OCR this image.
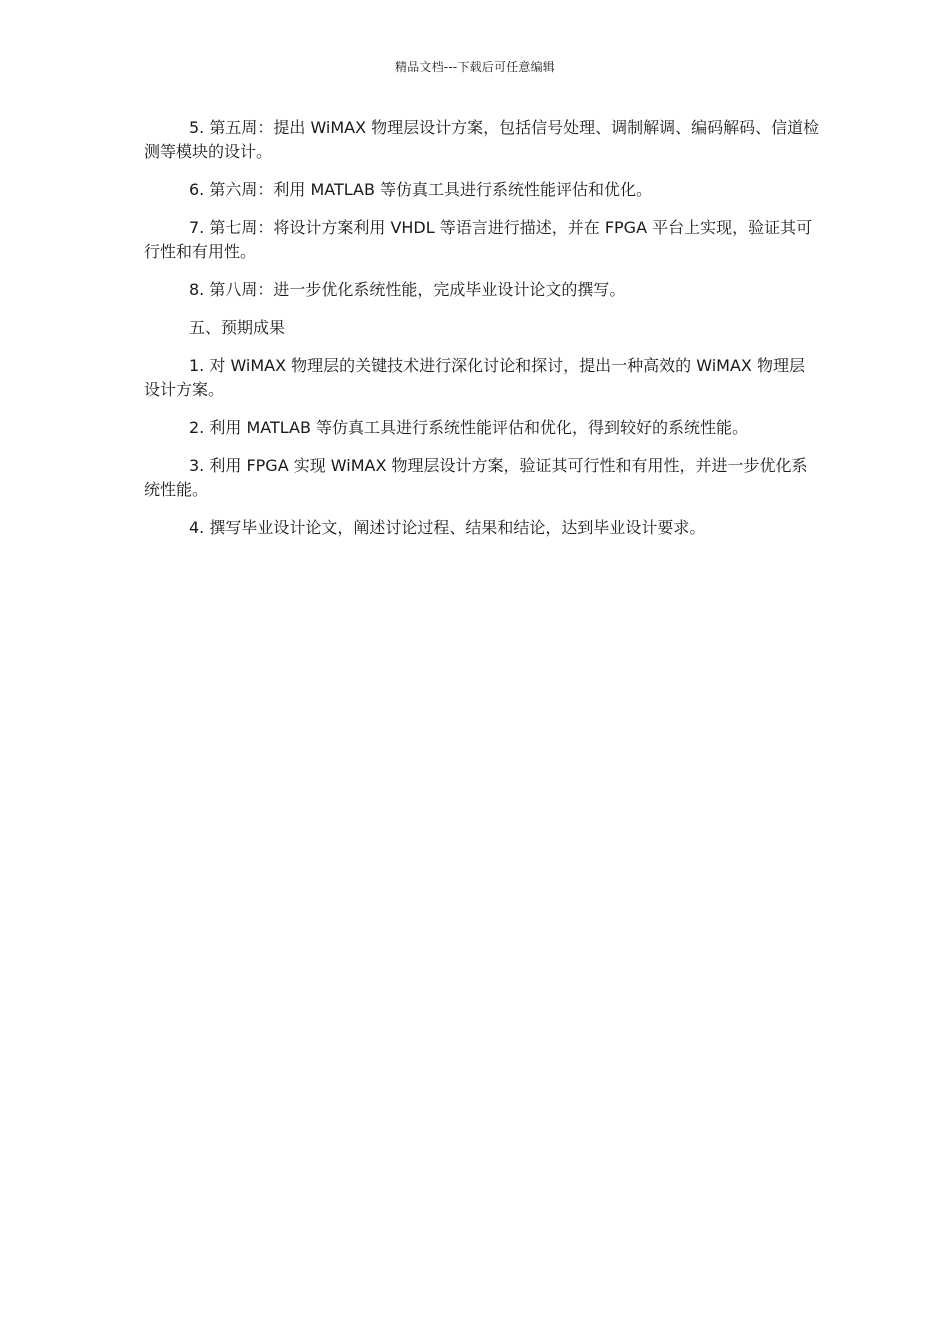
精品文档---下载后可任意编辑

5. 第五周：提出 WiMAX 物理层设计方案，包括信号处理、调制解调、编码解码、信道检测等模块的设计。

6. 第六周：利用 MATLAB 等仿真工具进行系统性能评估和优化。

7. 第七周：将设计方案利用 VHDL 等语言进行描述，并在 FPGA 平台上实现，验证其可行性和有用性。

8. 第八周：进一步优化系统性能，完成毕业设计论文的撰写。

五、预期成果

1. 对 WiMAX 物理层的关键技术进行深化讨论和探讨，提出一种高效的 WiMAX 物理层设计方案。

2. 利用 MATLAB 等仿真工具进行系统性能评估和优化，得到较好的系统性能。

3. 利用 FPGA 实现 WiMAX 物理层设计方案，验证其可行性和有用性，并进一步优化系统性能。

4. 撰写毕业设计论文，阐述讨论过程、结果和结论，达到毕业设计要求。
